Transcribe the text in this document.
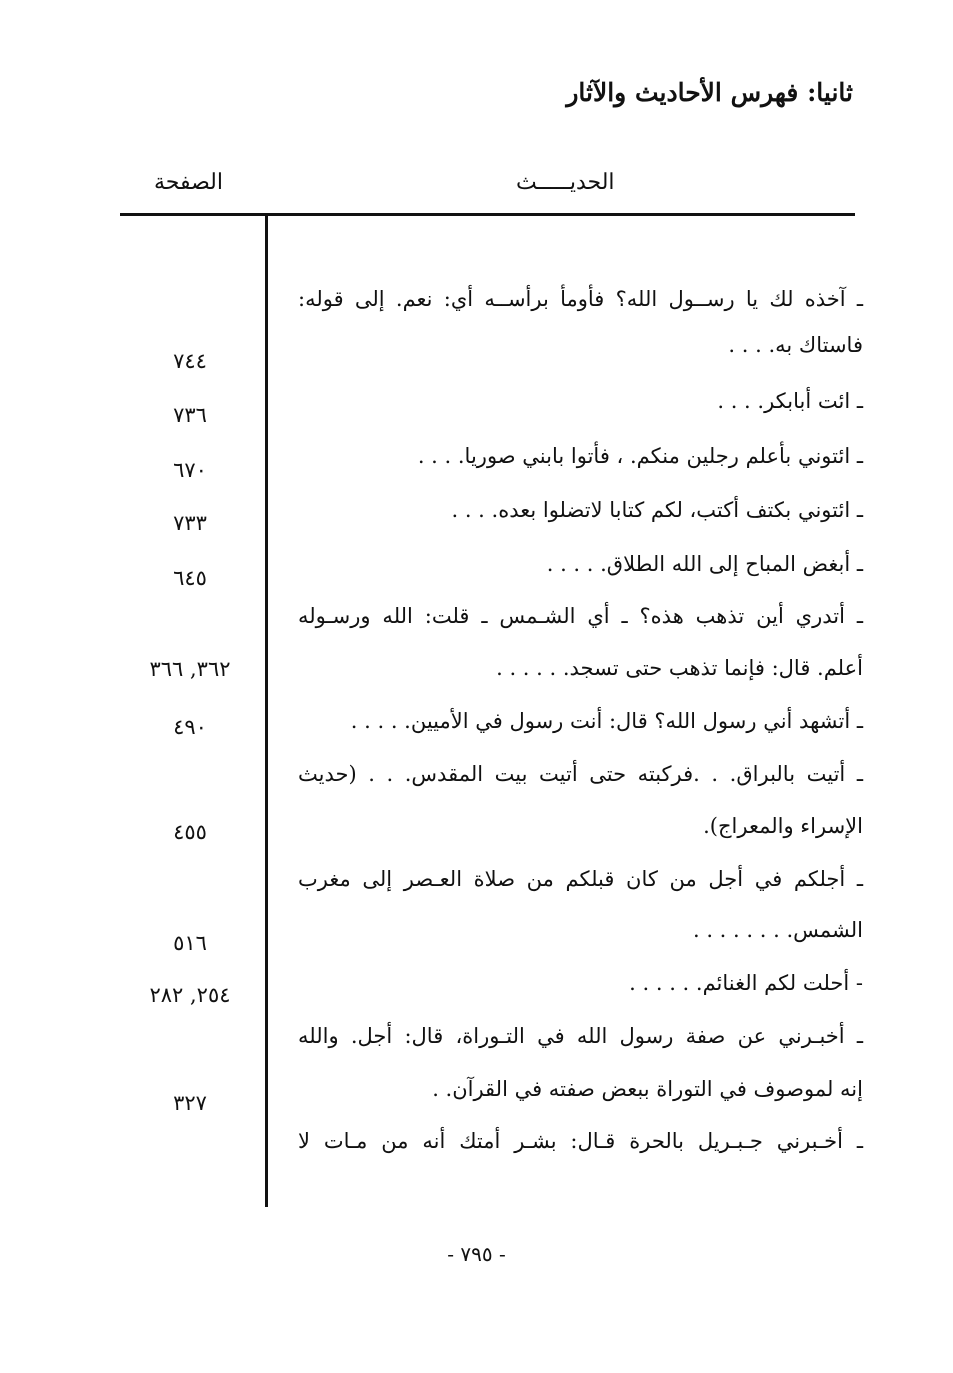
ثانيا: فهرس الأحاديث والآثار
الحديـــــث
الصفحة
ـ آخذه لك يا رســول الله؟ فأومأ برأســه أي: نعم. إلى قوله:
فاستاك به. . . .
ـ ائت أبابكر. . . .
ـ ائتوني بأعلم رجلين منكم. ، فأتوا بابني صوريا. . . .
ـ ائتوني بكتف أكتب، لكم كتابا لاتضلوا بعده. . . .
ـ أبغض المباح إلى الله الطلاق. . . . .
ـ أتدري أين تذهب هذه؟ ـ أي الشـمس ـ قلت: الله ورسـوله
أعلم. قال: فإنما تذهب حتى تسجد. . . . . .
ـ أتشهد أني رسول الله؟ قال: أنت رسول في الأميين. . . . .
ـ أتيت بالبراق. . .فركبته حتى أتيت بيت المقدس. . . (حديث
الإسراء والمعراج).
ـ أجلكم في أجل من كان قبلكم من صلاة العـصر إلى مغرب
الشمس. . . . . . . .
- أحلت لكم الغنائم. . . . . .
ـ أخبـرني عن صفة رسول الله في التـوراة، قال: أجل. والله
إنه لموصوف في التوراة ببعض صفته في القرآن. .
ـ أخـبرني جـبـريل بالحرة قـال: بشـر أمتك أنه من مـات لا
٧٤٤
٧٣٦
٦٧٠
٧٣٣
٦٤٥
٣٦٢, ٣٦٦
٤٩٠
٤٥٥
٥١٦
٢٥٤, ٢٨٢
٣٢٧
- ٧٩٥ -
